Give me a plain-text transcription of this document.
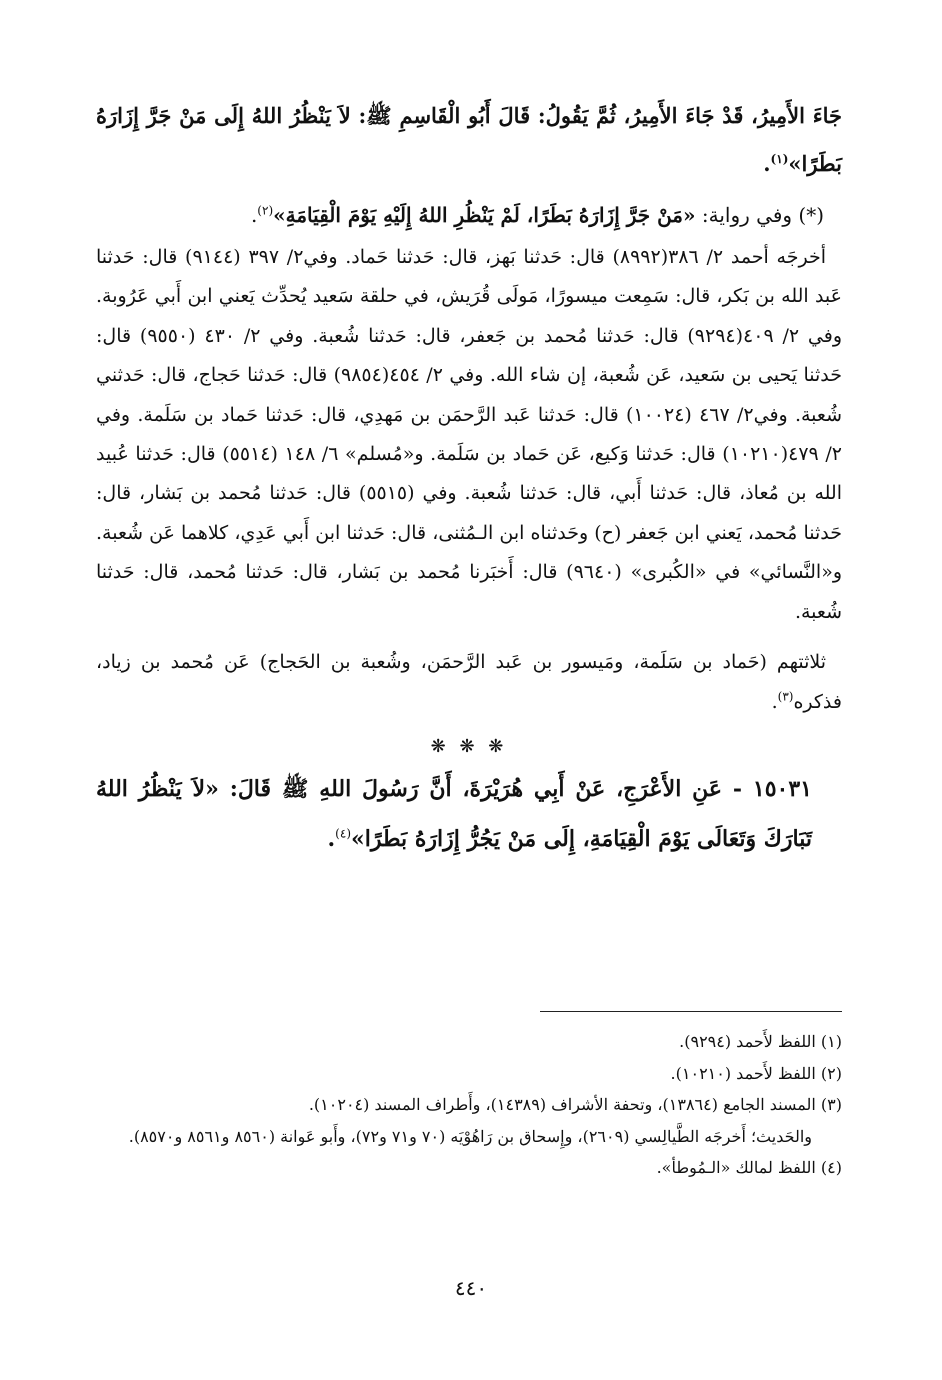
جَاءَ الأَمِيرُ، قَدْ جَاءَ الأَمِيرُ، ثُمَّ يَقُولُ: قَالَ أَبُو الْقَاسِمِ ﷺ: لاَ يَنْظُرُ اللهُ إِلَى مَنْ جَرَّ إِزَارَهُ بَطَرًا»$^{(١)}$.

(*) وفي رواية: «مَنْ جَرَّ إِزَارَهُ بَطَرًا، لَمْ يَنْظُرِ اللهُ إِلَيْهِ يَوْمَ الْقِيَامَةِ»$^{(٢)}$.

أخرجَه أحمد ٢/ ٣٨٦(٨٩٩٢) قال: حَدثنا بَهز، قال: حَدثنا حَماد. وفي٢/ ٣٩٧ (٩١٤٤) قال: حَدثنا عَبد الله بن بَكر، قال: سَمِعت ميسورًا، مَولَى قُرَيش، في حلقة سَعيد يُحدِّث يَعني ابن أَبي عَرُوبة. وفي ٢/ ٤٠٩(٩٢٩٤) قال: حَدثنا مُحمد بن جَعفر، قال: حَدثنا شُعبة. وفي ٢/ ٤٣٠ (٩٥٥٠) قال: حَدثنا يَحيى بن سَعيد، عَن شُعبة، إن شاء الله. وفي ٢/ ٤٥٤(٩٨٥٤) قال: حَدثنا حَجاج، قال: حَدثني شُعبة. وفي٢/ ٤٦٧ (١٠٠٢٤) قال: حَدثنا عَبد الرَّحمَن بن مَهدِي، قال: حَدثنا حَماد بن سَلَمة. وفي ٢/ ٤٧٩(١٠٢١٠) قال: حَدثنا وَكيع، عَن حَماد بن سَلَمة. و«مُسلم» ٦/ ١٤٨ (٥٥١٤) قال: حَدثنا عُبيد الله بن مُعاذ، قال: حَدثنا أَبي، قال: حَدثنا شُعبة. وفي (٥٥١٥) قال: حَدثنا مُحمد بن بَشار، قال: حَدثنا مُحمد، يَعني ابن جَعفر (ح) وحَدثناه ابن الـمُثنى، قال: حَدثنا ابن أَبي عَدِي، كلاهما عَن شُعبة. و«النَّسائي» في «الكُبرى» (٩٦٤٠) قال: أَخبَرنا مُحمد بن بَشار، قال: حَدثنا مُحمد، قال: حَدثنا شُعبة.

ثلاثتهم (حَماد بن سَلَمة، ومَيسور بن عَبد الرَّحمَن، وشُعبة بن الحَجاج) عَن مُحمد بن زياد، فذكره$^{(٣)}$.

❋ ❋ ❋

١٥٠٣١ - عَنِ الأَعْرَجِ، عَنْ أَبِي هُرَيْرَةَ، أَنَّ رَسُولَ اللهِ ﷺ قَالَ: «لاَ يَنْظُرُ اللهُ تَبَارَكَ وَتَعَالَى يَوْمَ الْقِيَامَةِ، إِلَى مَنْ يَجُرُّ إِزَارَهُ بَطَرًا»$^{(٤)}$.

(١) اللفظ لأَحمد (٩٢٩٤).

(٢) اللفظ لأَحمد (١٠٢١٠).

(٣) المسند الجامع (١٣٨٦٤)، وتحفة الأشراف (١٤٣٨٩)، وأَطراف المسند (١٠٢٠٤).

والحَديث؛ أَخرجَه الطَّيالِسي (٢٦٠٩)، وإِسحاق بن رَاهُوْيَه (٧٠ و٧١ و٧٢)، وأَبو عَوانة (٨٥٦٠ و٨٥٦١ و٨٥٧٠).

(٤) اللفظ لمالك «الـمُوطأ».

٤٤٠
